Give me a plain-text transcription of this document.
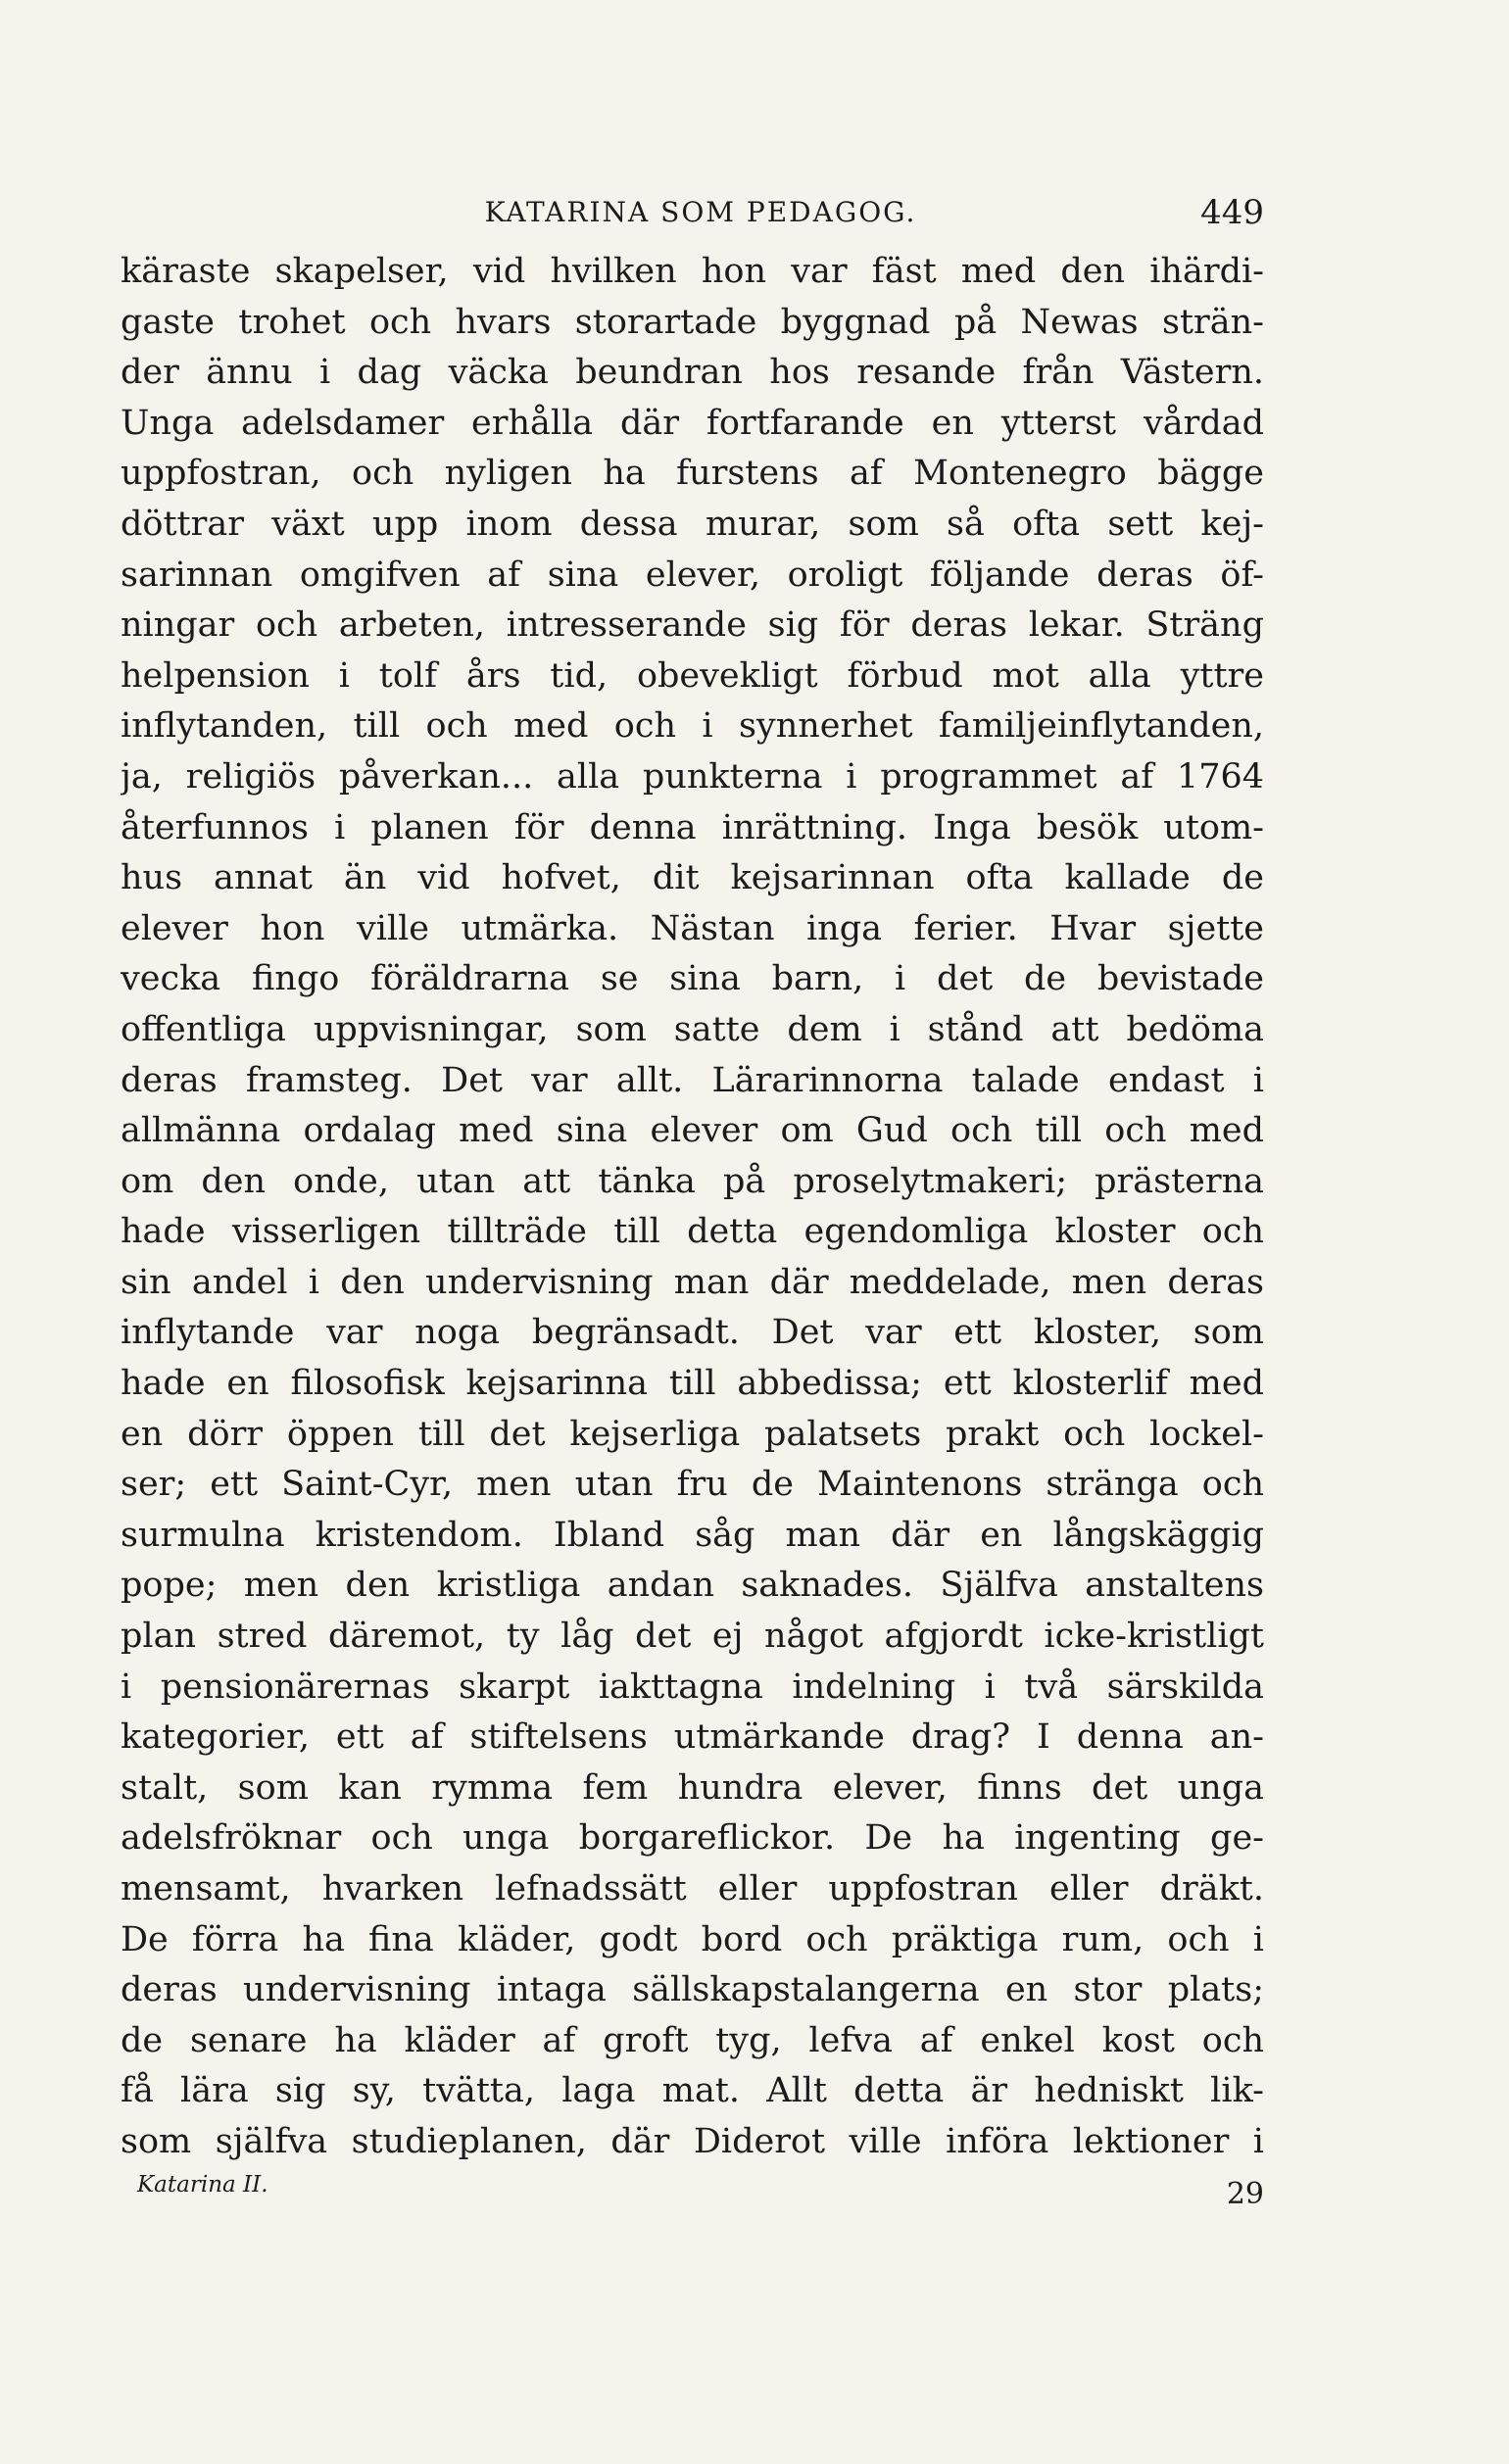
KATARINA SOM PEDAGOG.	449
käraste skapelser, vid hvilken hon var fäst med den ihärdi-
gaste trohet och hvars storartade byggnad på Newas strän-
der ännu i dag väcka beundran hos resande från Västern.
Unga adelsdamer erhålla där fortfarande en ytterst vårdad
uppfostran, och nyligen ha furstens af Montenegro bägge
döttrar växt upp inom dessa murar, som så ofta sett kej-
sarinnan omgifven af sina elever, oroligt följande deras öf-
ningar och arbeten, intresserande sig för deras lekar. Sträng
helpension i tolf års tid, obevekligt förbud mot alla yttre
inflytanden, till och med och i synnerhet familjeinflytanden,
ja, religiös påverkan... alla punkterna i programmet af 1764
återfunnos i planen för denna inrättning. Inga besök utom-
hus annat än vid hofvet, dit kejsarinnan ofta kallade de
elever hon ville utmärka. Nästan inga ferier. Hvar sjette
vecka fingo föräldrarna se sina barn, i det de bevistade
offentliga uppvisningar, som satte dem i stånd att bedöma
deras framsteg. Det var allt. Lärarinnorna talade endast i
allmänna ordalag med sina elever om Gud och till och med
om den onde, utan att tänka på proselytmakeri; prästerna
hade visserligen tillträde till detta egendomliga kloster och
sin andel i den undervisning man där meddelade, men deras
inflytande var noga begränsadt. Det var ett kloster, som
hade en filosofisk kejsarinna till abbedissa; ett klosterlif med
en dörr öppen till det kejserliga palatsets prakt och lockel-
ser; ett Saint-Cyr, men utan fru de Maintenons stränga och
surmulna kristendom. Ibland såg man där en långskäggig
pope; men den kristliga andan saknades. Själfva anstaltens
plan stred däremot, ty låg det ej något afgjordt icke-kristligt
i pensionärernas skarpt iakttagna indelning i två särskilda
kategorier, ett af stiftelsens utmärkande drag? I denna an-
stalt, som kan rymma fem hundra elever, finns det unga
adelsfröknar och unga borgareflickor. De ha ingenting ge-
mensamt, hvarken lefnadssätt eller uppfostran eller dräkt.
De förra ha fina kläder, godt bord och präktiga rum, och i
deras undervisning intaga sällskapstalangerna en stor plats;
de senare ha kläder af groft tyg, lefva af enkel kost och
få lära sig sy, tvätta, laga mat. Allt detta är hedniskt lik-
som själfva studieplanen, där Diderot ville införa lektioner i
Katarina II.	29
